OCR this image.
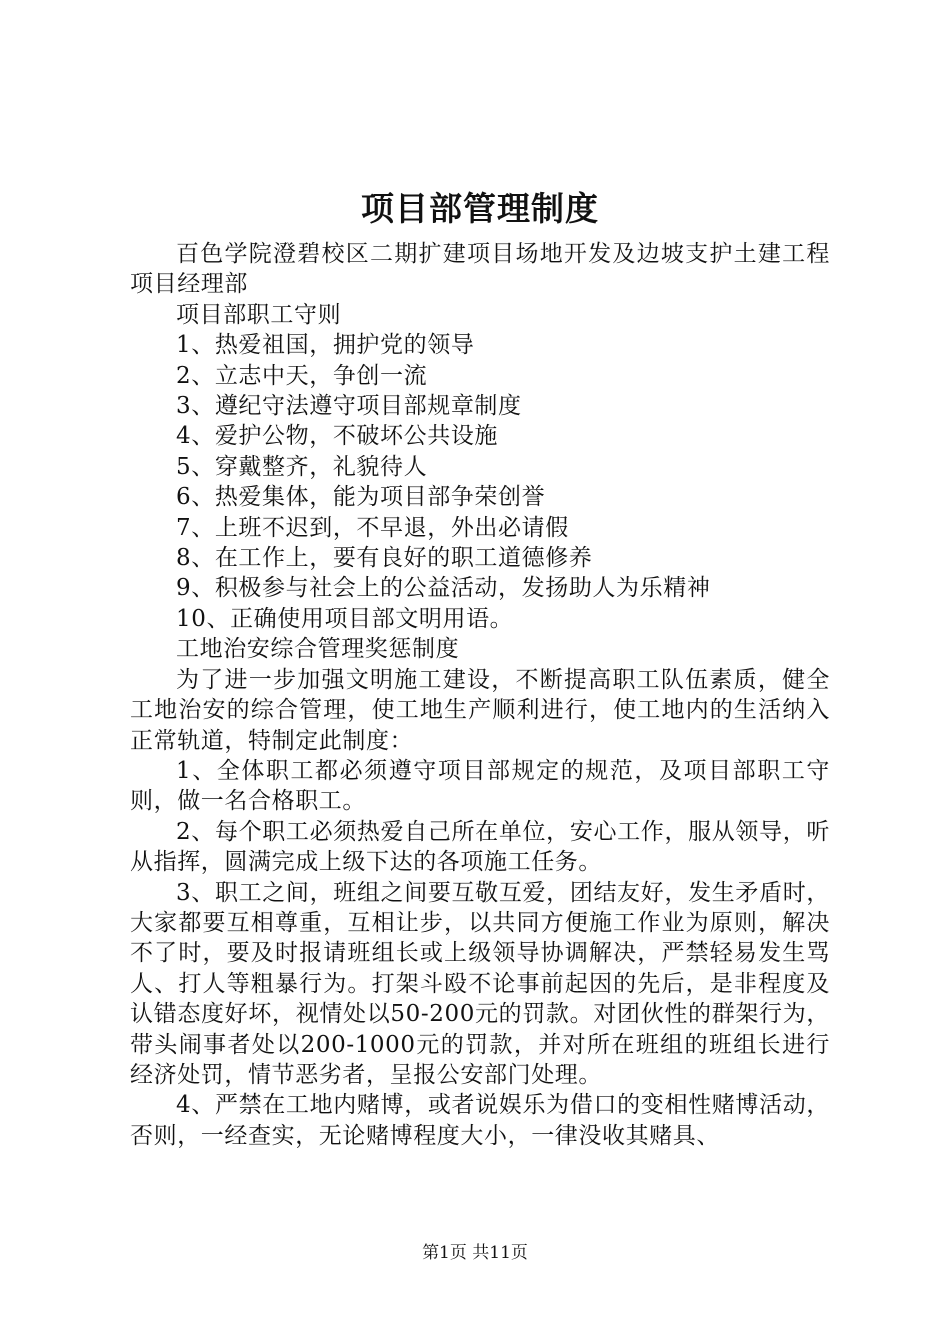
项目部管理制度

百色学院澄碧校区二期扩建项目场地开发及边坡支护土建工程项目经理部

项目部职工守则

1、热爱祖国，拥护党的领导

2、立志中天，争创一流

3、遵纪守法遵守项目部规章制度

4、爱护公物，不破坏公共设施

5、穿戴整齐，礼貌待人

6、热爱集体，能为项目部争荣创誉

7、上班不迟到，不早退，外出必请假

8、在工作上，要有良好的职工道德修养

9、积极参与社会上的公益活动，发扬助人为乐精神

10、正确使用项目部文明用语。

工地治安综合管理奖惩制度

为了进一步加强文明施工建设，不断提高职工队伍素质，健全工地治安的综合管理，使工地生产顺利进行，使工地内的生活纳入正常轨道，特制定此制度：

1、全体职工都必须遵守项目部规定的规范，及项目部职工守则，做一名合格职工。

2、每个职工必须热爱自己所在单位，安心工作，服从领导，听从指挥，圆满完成上级下达的各项施工任务。

3、职工之间，班组之间要互敬互爱，团结友好，发生矛盾时，大家都要互相尊重，互相让步，以共同方便施工作业为原则，解决不了时，要及时报请班组长或上级领导协调解决，严禁轻易发生骂人、打人等粗暴行为。打架斗殴不论事前起因的先后，是非程度及认错态度好坏，视情处以50-200元的罚款。对团伙性的群架行为，带头闹事者处以200-1000元的罚款，并对所在班组的班组长进行经济处罚，情节恶劣者，呈报公安部门处理。

4、严禁在工地内赌博，或者说娱乐为借口的变相性赌博活动，否则，一经查实，无论赌博程度大小，一律没收其赌具、

第1页 共11页
